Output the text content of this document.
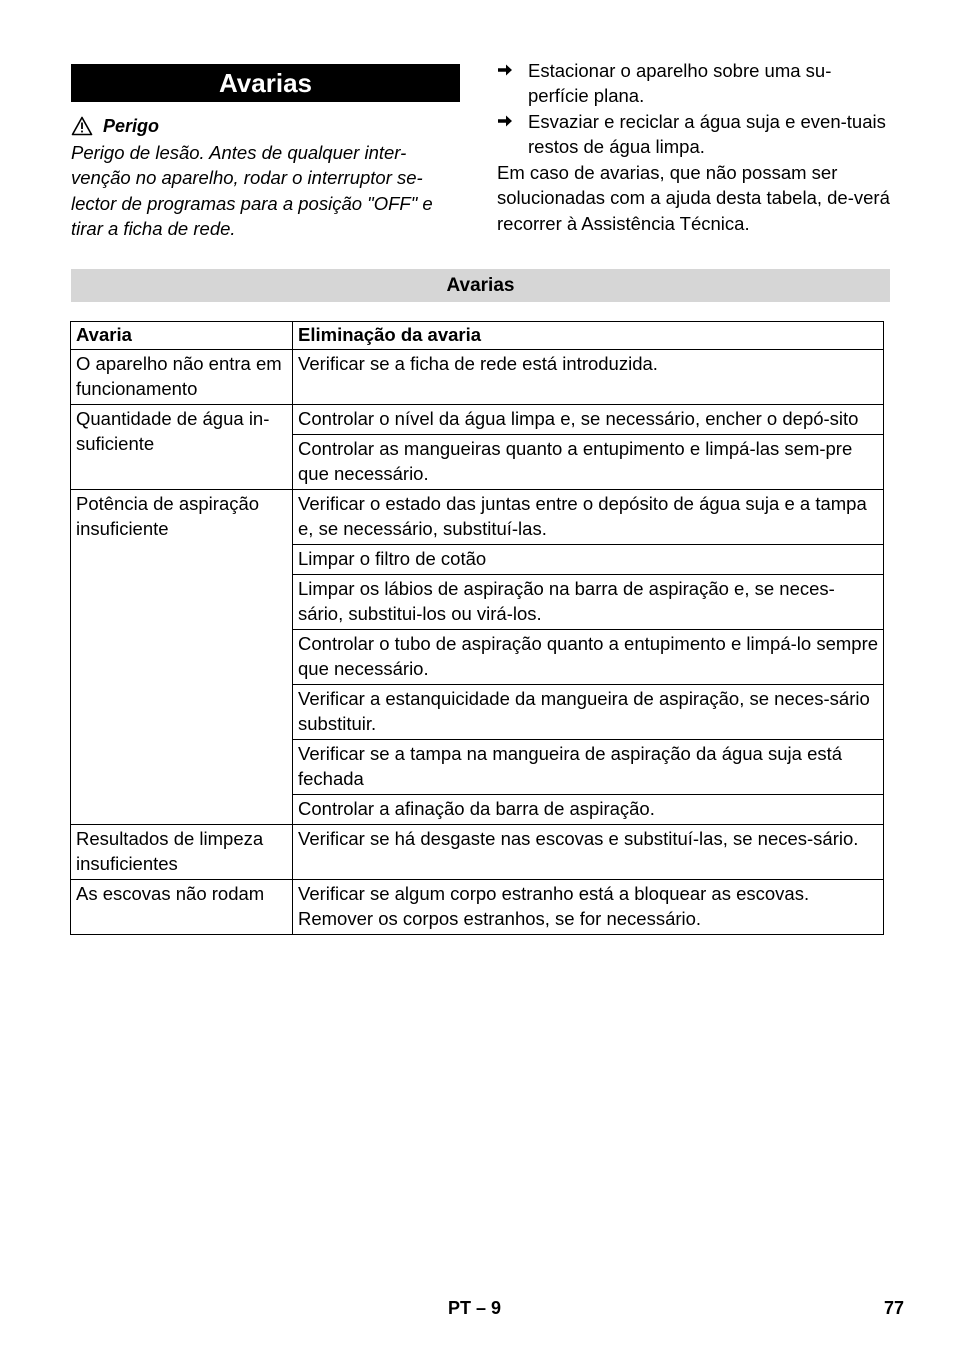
Avarias
Perigo
Perigo de lesão. Antes de qualquer inter-venção no aparelho, rodar o interruptor se-lector de programas para a posição "OFF" e tirar a ficha de rede.
Estacionar o aparelho sobre uma su-perfície plana.
Esvaziar e reciclar a água suja e even-tuais restos de água limpa.
Em caso de avarias, que não possam ser solucionadas com a ajuda desta tabela, de-verá recorrer à Assistência Técnica.
Avarias
Avaria	Eliminação da avaria
O aparelho não entra em funcionamento	Verificar se a ficha de rede está introduzida.
Quantidade de água in-suficiente	Controlar o nível da água limpa e, se necessário, encher o depó-sito
	Controlar as mangueiras quanto a entupimento e limpá-las sem-pre que necessário.
Potência de aspiração insuficiente	Verificar o estado das juntas entre o depósito de água suja e a tampa e, se necessário, substituí-las.
	Limpar o filtro de cotão
	Limpar os lábios de aspiração na barra de aspiração e, se neces-sário, substitui-los ou virá-los.
	Controlar o tubo de aspiração quanto a entupimento e limpá-lo sempre que necessário.
	Verificar a estanquicidade da mangueira de aspiração, se neces-sário substituir.
	Verificar se a tampa na mangueira de aspiração da água suja está fechada
	Controlar a afinação da barra de aspiração.
Resultados de limpeza insuficientes	Verificar se há desgaste nas escovas e substituí-las, se neces-sário.
As escovas não rodam	Verificar se algum corpo estranho está a bloquear as escovas. Remover os corpos estranhos, se for necessário.
PT – 9	77
